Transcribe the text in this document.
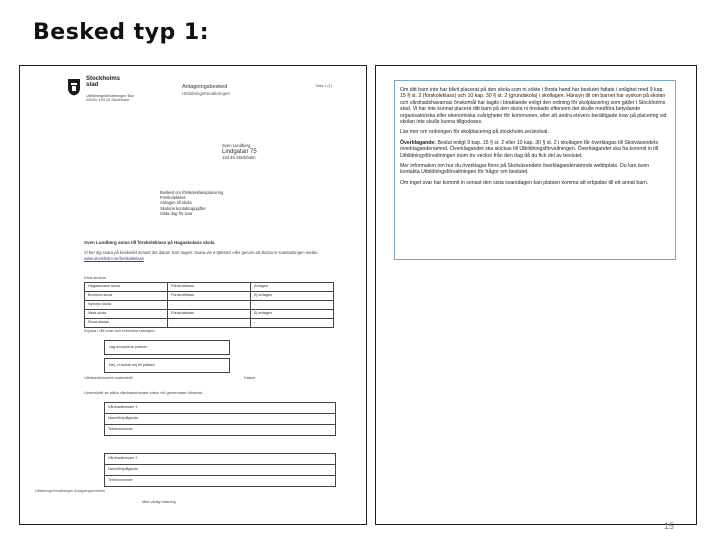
Besked typ 1:
Stockholms
stad
Utbildningsförvaltningen Box 22049, 104 22 Stockholm
Antagningsbesked
Utbildningsförvaltningen
Sida 1 (1)
Sven Lundberg
Lindgatan 75
123 45 Stockholm
Besked om förskoleklassplacering
Förskoleklass
Antagen till skola
Skolans kontaktuppgifter
Sista dag för svar
Sven Lundberg antas till förskoleklass på Hagaskolans skola
Vi ber dig svara på beskedet senast det datum som anges. Svara via e-tjänsten eller genom att skicka in svarstalongen nedan. www.stockholm.se/forskoleklass
Dina skolval
Hagaskolans skola	Förskoleklass	Antagen
Bromma skola	Förskoleklass	Ej antagen
Nytorps skola	-	-
Vasa skola	Förskoleklass	Ej antagen
Stora skolan	-	-
Kryssa i ditt svar och returnera talongen
Jag accepterar platsen
Nej, vi tackar nej till platsen
Vårdnadshavares underskrift	Datum
Underskrift av båda vårdnadshavare krävs vid gemensam vårdnad.
Vårdnadshavare 1
Namnförtydligande
Telefonnummer
Vårdnadshavare 2
Namnförtydligande
Telefonnummer
Utbildningsförvaltningen Antagningsenheten
Med vänlig hälsning

Om ditt barn inte har blivit placerat på den skola som ni sökte i första hand har beslutet fattats i enlighet med 9 kap. 15 § st. 2 (förskoleklass) och 10 kap. 30 § st. 2 (grundskola) i skollagen. Hänsyn till om barnet har syskon på skolan och vårdnadshavarnas önskemål har tagits i beaktande enligt den ordning för skolplacering som gäller i Stockholms stad. Vi har inte kunnat placera ditt barn på den skola ni önskade eftersom det skulle medföra betydande organisatoriska eller ekonomiska svårigheter för kommunen, eller att andra elevers berättigade krav på placering vid skolan inte skulle kunna tillgodoses.

Läs mer om ordningen för skolplacering på stockholm.se/skolval.

Överklagande: Beslut enligt 9 kap. 15 § st. 2 eller 10 kap. 30 § st. 2 i skollagen får överklagas till Skolväsendets överklagandenämnd. Överklagandet ska skickas till Utbildningsförvaltningen. Överklagandet ska ha kommit in till Utbildningsförvaltningen inom tre veckor från den dag då du fick del av beslutet.

Mer information om hur du överklagar finns på Skolväsendets överklagandenämnds webbplats. Du kan även kontakta Utbildningsförvaltningen för frågor om beslutet.

Om inget svar har kommit in senast den sista svarsdagen kan platsen komma att erbjudas till ett annat barn.

15
